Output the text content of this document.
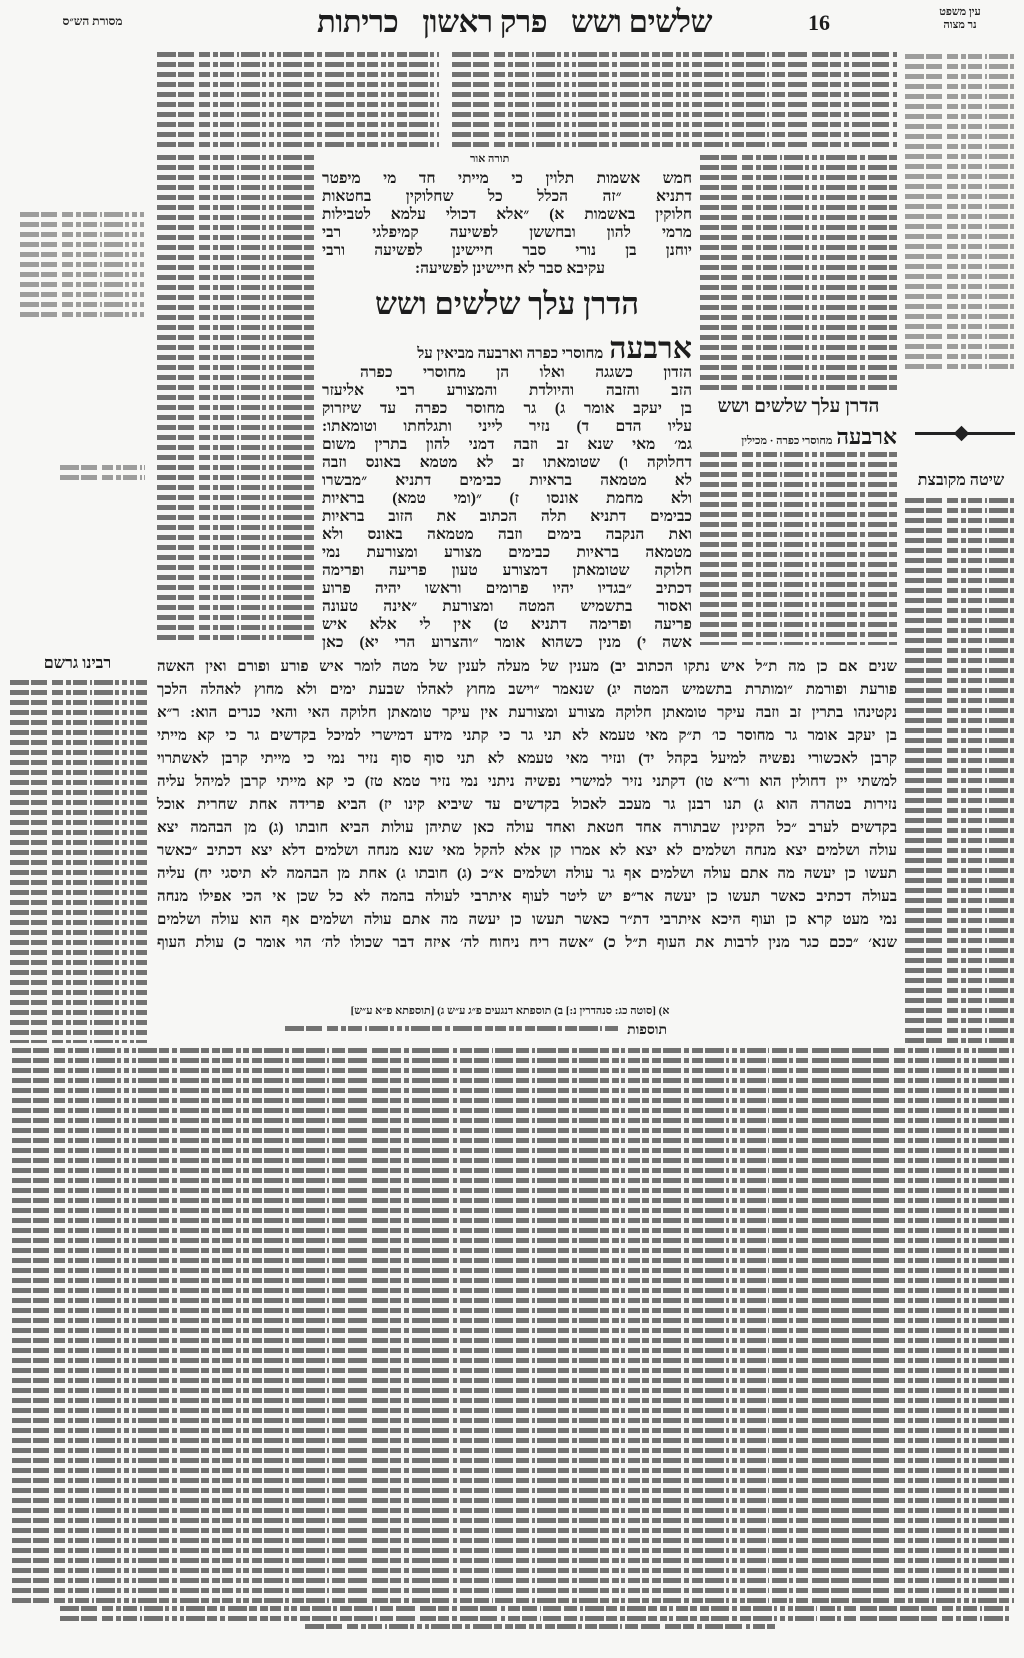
עין משפט
נר מצוה
16
שלשים ושש
פרק ראשון
כריתות
מסורת הש״ס
הדרן עלך שלשים ושש
ארבעה מחוסרי כפרה · מכילין
שיטה מקובצת
רבינו גרשם
תורה אור
חמש אשמות תלוין כי מייתי חד מי מיפטר
דתניא ״זה הכלל כל שחלוקין בחטאות
חלוקין באשמות א) ״אלא דכולי עלמא לטבילות
מרמי להון ובחששן לפשיעה קמיפלגי רבי
יוחנן בן נורי סבר חיישינן לפשיעה ורבי
עקיבא סבר לא חיישינן לפשיעה:
הדרן עלך שלשים ושש
ארבעה
מחוסרי כפרה וארבעה מביאין על
הזדון כשגגה ואלו הן מחוסרי כפרה
הזב והזבה והיולדת והמצורע רבי אליעזר
בן יעקב אומר ג) גר מחוסר כפרה עד שיזרוק
עליו הדם ד) נזיר לייני ותגלחתו וטומאתו:
גמ׳ מאי שנא זב וזבה דמני להון בתרין משום
דחלוקה ו) שטומאתו זב לא מטמא באונס וזבה
לא מטמאה בראיות כבימים דתניא ״מבשרו
ולא מחמת אונסו ז) ״(ומי טמא) בראיות
כבימים דתניא תלה הכתוב את הזוב בראיות
ואת הנקבה בימים וזבה מטמאה באונס ולא
מטמאה בראיות כבימים מצורע ומצורעת נמי
חלוקה שטומאתן דמצורע טעון פריעה ופרימה
דכתיב ״בגדיו יהיו פרומים וראשו יהיה פרוע
ואסור בתשמיש המטה ומצורעת ״אינה טעונה
פריעה ופרימה דתניא ט) אין לי אלא איש
אשה י) מנין כשהוא אומר ״והצרוע הרי יא) כאן
שנים אם כן מה ת״ל איש נתקו הכתוב יב) מענין של מעלה לענין של מטה לומר איש פורע ופורם ואין האשה
פורעת ופורמת ״ומותרת בתשמיש המטה יג) שנאמר ״וישב מחוץ לאהלו שבעת ימים ולא מחוץ לאהלה הלכך
נקטינהו בתרין זב וזבה עיקר טומאתן חלוקה מצורע ומצורעת אין עיקר טומאתן חלוקה האי והאי כנרים הוא: ר״א
בן יעקב אומר גר מחוסר כו׳ ת״ק מאי טעמא לא תני גר כי קתני מידע דמישרי למיכל בקדשים גר כי קא מייתי
קרבן לאכשורי נפשיה למיעל בקהל יד) ונזיר מאי טעמא לא תני סוף סוף נזיר נמי כי מייתי קרבן לאשתרוי
למשתי יין דחולין הוא ור״א טו) דקתני נזיר למישרי נפשיה ניתני נמי נזיר טמא טז) כי קא מייתי קרבן למיהל עליה
נזירות בטהרה הוא ג) תנו רבנן גר מעכב לאכול בקדשים עד שיביא קינו יז) הביא פרידה אחת שחרית אוכל
בקדשים לערב ״כל הקינין שבתורה אחד חטאת ואחד עולה כאן שתיהן עולות הביא חובתו (ג) מן הבהמה יצא
עולה ושלמים יצא מנחה ושלמים לא יצא לא אמרו קן אלא להקל מאי שנא מנחה ושלמים דלא יצא דכתיב ״כאשר
תעשו כן יעשה מה אתם עולה ושלמים אף גר עולה ושלמים א״כ (ג) חובתו ג) אחת מן הבהמה לא תיסגי יח) עליה
בעולה דכתיב כאשר תעשו כן יעשה אר״פ יש ליטר לעוף איתרבי לעולה בהמה לא כל שכן אי הכי אפילו מנחה
נמי מעט קרא כן ועוף היכא איתרבי דת״ר כאשר תעשו כן יעשה מה אתם עולה ושלמים אף הוא עולה ושלמים
שנא׳ ״ככם כגר מנין לרבות את העוף ת״ל כ) ״אשה ריח ניחוח לה׳ איזה דבר שכולו לה׳ הוי אומר כ) עולת העוף
א) [סוטה כג: סנהדרין נ:] ב) תוספתא דנגעים פ״ג ע״ש ג) [תוספתא פ״א ע״ש]
תוספות
